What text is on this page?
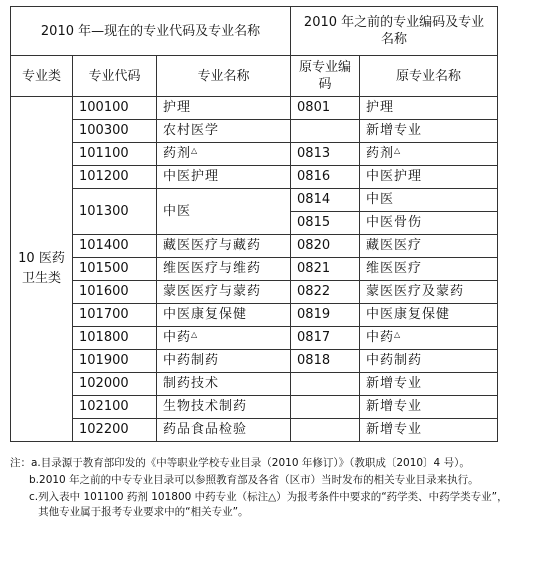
2010 年—现在的专业代码及专业名称			2010 年之前的专业编码及专业名称	
专业类	专业代码	专业名称	原专业编码	原专业名称
10 医药卫生类	100100	护理	0801	护理
	100300	农村医学		新增专业
	101100	药剂△	0813	药剂△
	101200	中医护理	0816	中医护理
	101300	中医	0814	中医
			0815	中医骨伤
	101400	藏医医疗与藏药	0820	藏医医疗
	101500	维医医疗与维药	0821	维医医疗
	101600	蒙医医疗与蒙药	0822	蒙医医疗及蒙药
	101700	中医康复保健	0819	中医康复保健
	101800	中药△	0817	中药△
	101900	中药制药	0818	中药制药
	102000	制药技术		新增专业
	102100	生物技术制药		新增专业
	102200	药品食品检验		新增专业
注：a. 目录源于教育部印发的《中等职业学校专业目录（2010 年修订）》（教职成〔2010〕4 号）。
b. 2010 年之前的中专专业目录可以参照教育部及各省（区市）当时发布的相关专业目录来执行。
c. 列入表中 101100 药剂 101800 中药专业（标注△）为报考条件中要求的“药学类、中药学类专业”，其他专业属于报考专业要求中的“相关专业”。
